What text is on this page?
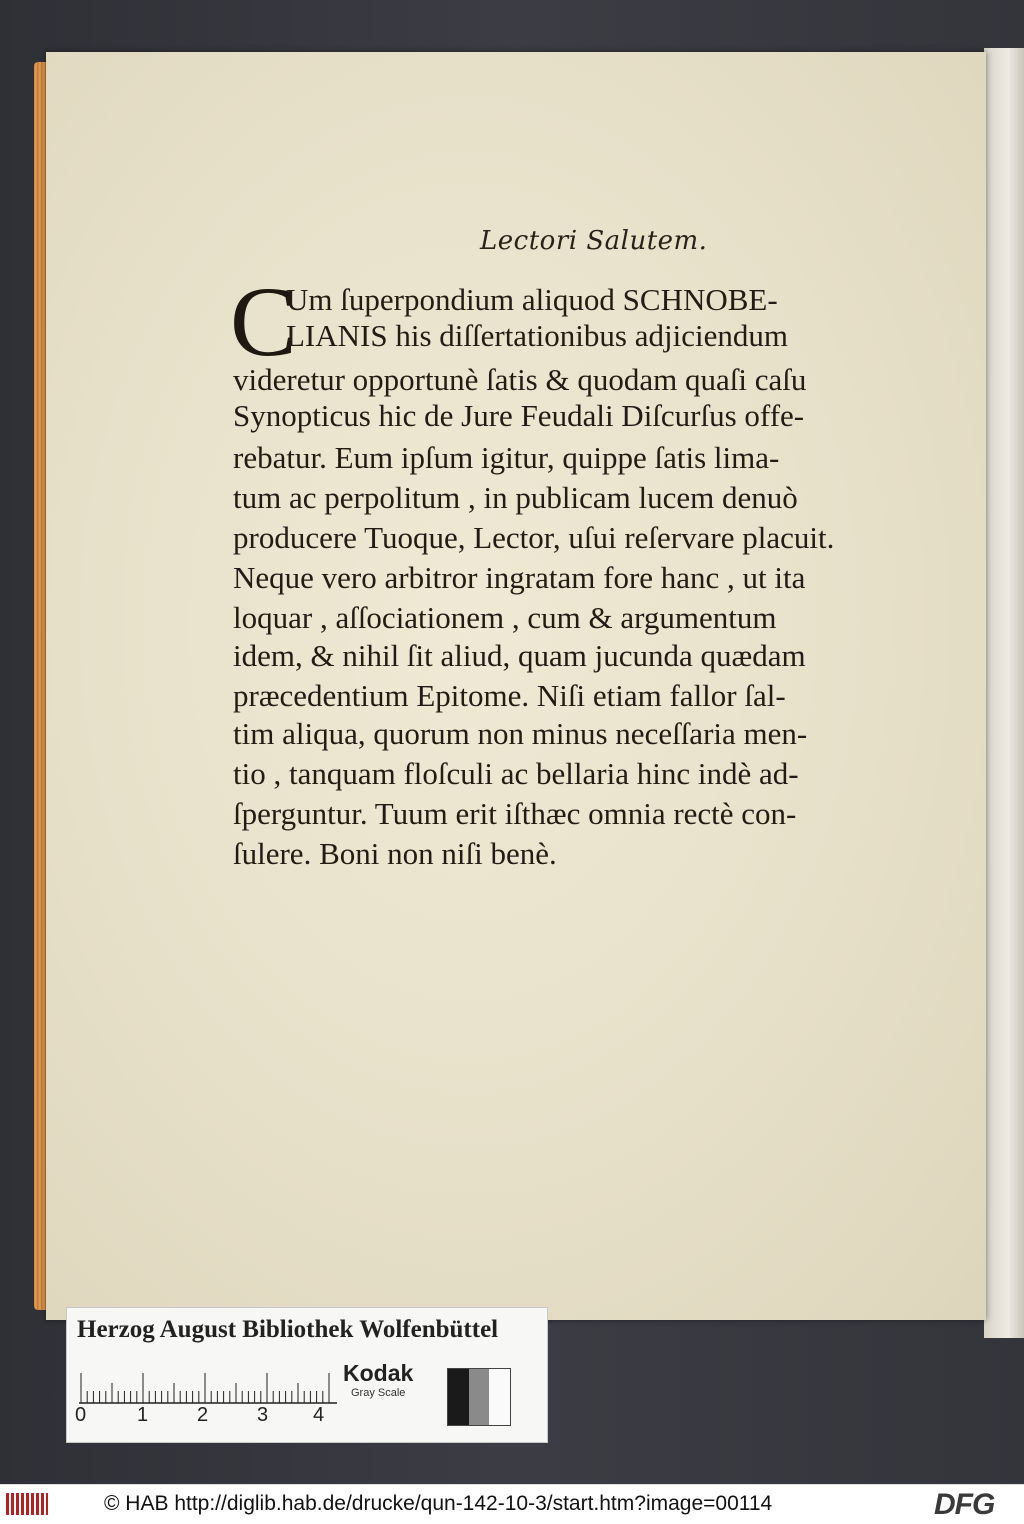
Lectori Salutem.
C
Um ſuperpondium aliquod SCHNOBE-
LIANIS his diſſertationibus adjiciendum
videretur opportunè ſatis & quodam quaſi caſu
Synopticus hic de Jure Feudali Diſcurſus offe-
rebatur. Eum ipſum igitur, quippe ſatis lima-
tum ac perpolitum , in publicam lucem denuò
producere Tuoque, Lector, uſui reſervare placuit.
Neque vero arbitror ingratam fore hanc , ut ita
loquar , aſſociationem , cum & argumentum
idem, & nihil ſit aliud, quam jucunda quædam
præcedentium Epitome. Niſi etiam fallor ſal-
tim aliqua, quorum non minus neceſſaria men-
tio , tanquam floſculi ac bellaria hinc indè ad-
ſperguntur. Tuum erit iſthæc omnia rectè con-
ſulere. Boni non niſi benè.
Herzog August Bibliothek Wolfenbüttel
0	1 2 3 4
Kodak
Gray Scale
© HAB http://diglib.hab.de/drucke/qun-142-10-3/start.htm?image=00114	DFG
